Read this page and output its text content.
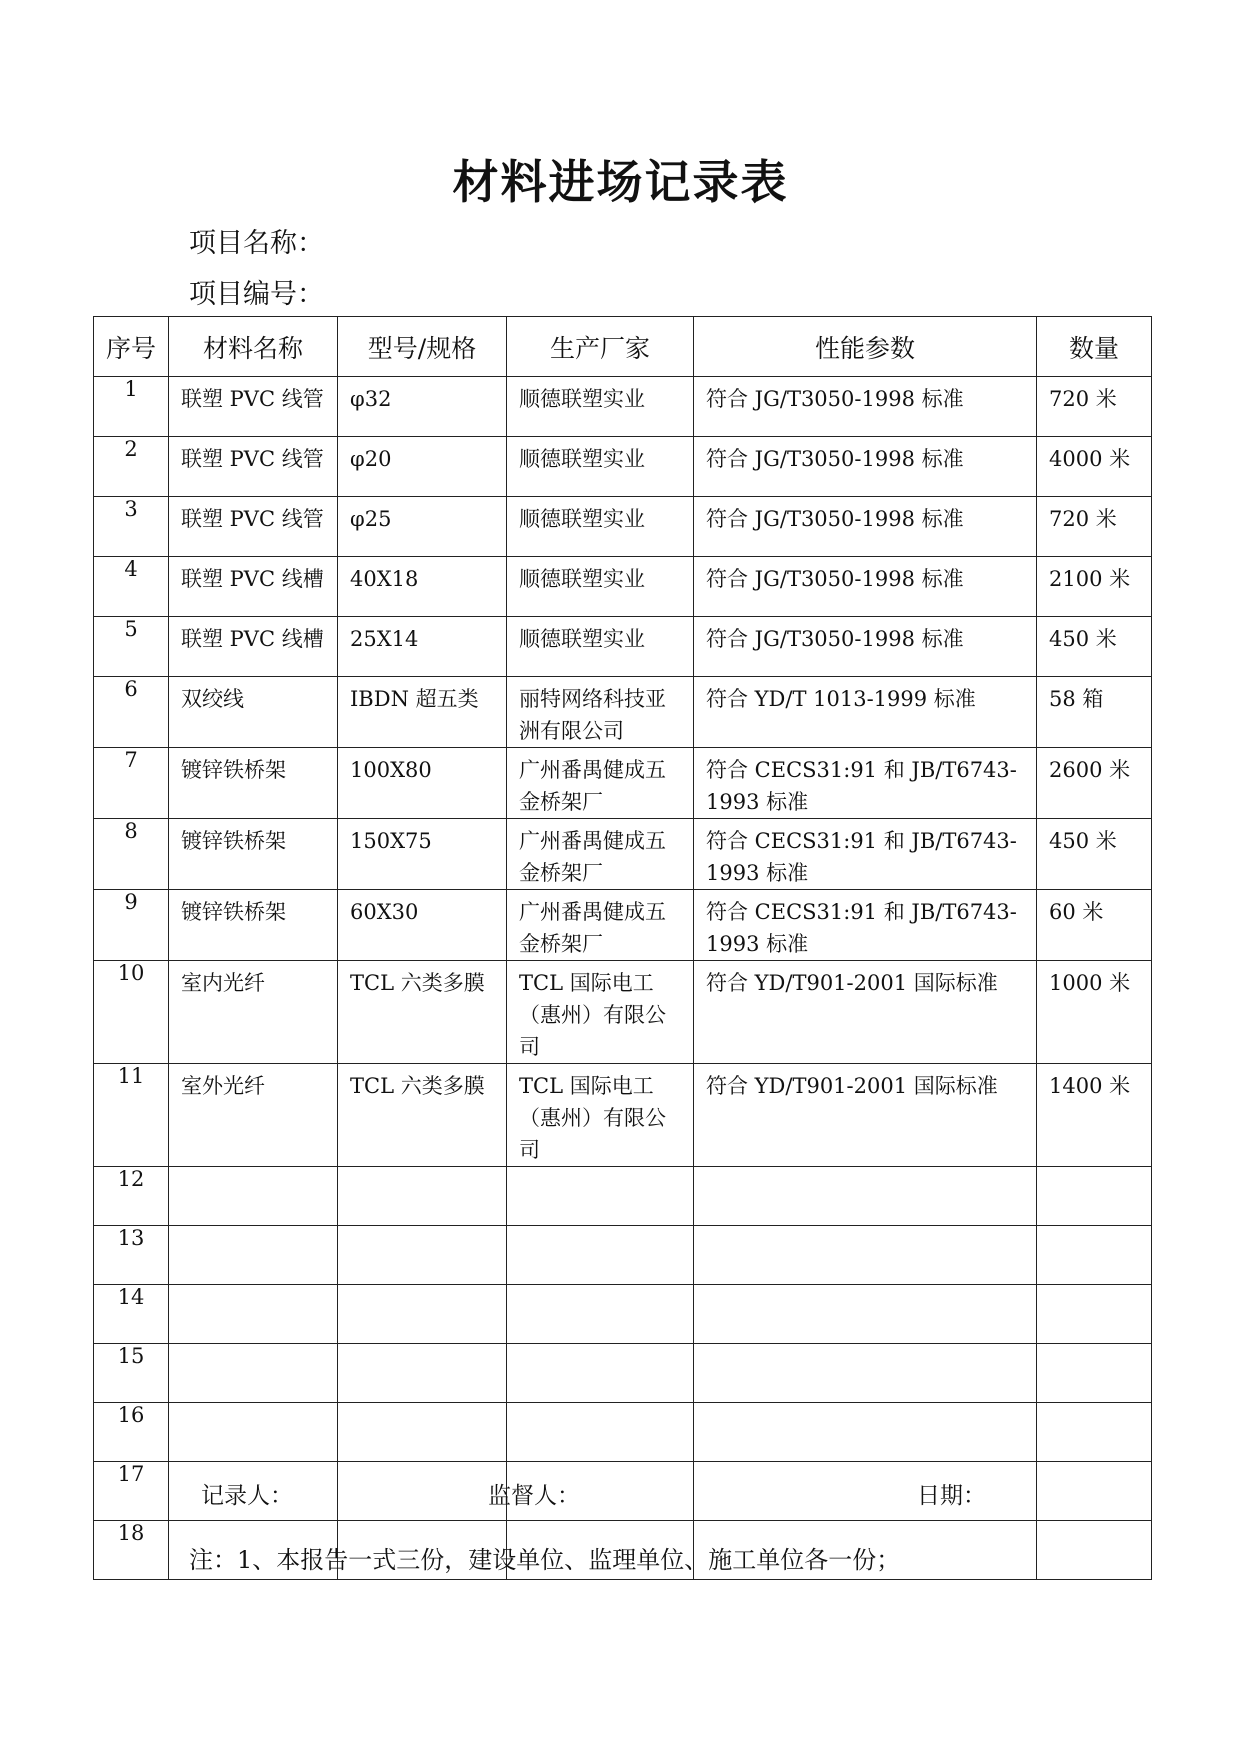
材料进场记录表
项目名称：
项目编号：
序号	材料名称	型号/规格	生产厂家	性能参数	数量
1	联塑 PVC 线管	φ32	顺德联塑实业	符合 JG/T3050-1998 标准	720 米

2	联塑 PVC 线管	φ20	顺德联塑实业	符合 JG/T3050-1998 标准	4000 米

3	联塑 PVC 线管	φ25	顺德联塑实业	符合 JG/T3050-1998 标准	720 米

4	联塑 PVC 线槽	40X18	顺德联塑实业	符合 JG/T3050-1998 标准	2100 米

5	联塑 PVC 线槽	25X14	顺德联塑实业	符合 JG/T3050-1998 标准	450 米

6	双绞线	IBDN 超五类	丽特网络科技亚洲有限公司	符合 YD/T 1013-1999 标准	58 箱

7	镀锌铁桥架	100X80	广州番禺健成五金桥架厂	符合 CECS31:91 和 JB/T6743-1993 标准	2600 米

8	镀锌铁桥架	150X75	广州番禺健成五金桥架厂	符合 CECS31:91 和 JB/T6743-1993 标准	450 米

9	镀锌铁桥架	60X30	广州番禺健成五金桥架厂	符合 CECS31:91 和 JB/T6743-1993 标准	60 米

10	室内光纤	TCL 六类多膜	TCL 国际电工（惠州）有限公司	符合 YD/T901-2001 国际标准	1000 米

11	室外光纤	TCL 六类多膜	TCL 国际电工（惠州）有限公司	符合 YD/T901-2001 国际标准	1400 米

12	

13	

14	

15	

16	

17	

18	

记录人：	监督人：	日期：
注：1、本报告一式三份，建设单位、监理单位、施工单位各一份；
